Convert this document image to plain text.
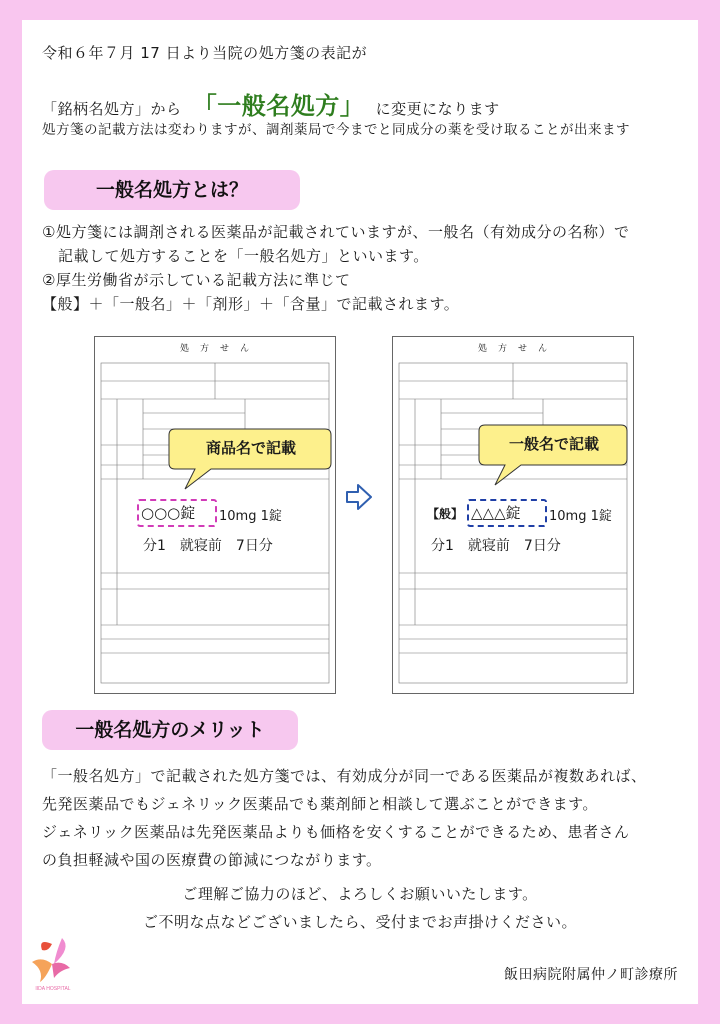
令和６年７月 17 日より当院の処方箋の表記が
「銘柄名処方」から 「一般名処方」 に変更になります
処方箋の記載方法は変わりますが、調剤薬局で今までと同成分の薬を受け取ることが出来ます
一般名処方とは？
①処方箋には調剤される医薬品が記載されていますが、一般名（有効成分の名称）で
記載して処方することを「一般名処方」といいます。
②厚生労働省が示している記載方法に準じて
【般】＋「一般名」＋「剤形」＋「含量」で記載されます。
処　方　せ　ん
商品名で記載
○○○錠 10mg 1錠
分1　就寝前　7日分
処　方　せ　ん
一般名で記載
【般】 △△△錠 10mg 1錠
分1　就寝前　7日分
一般名処方のメリット
「一般名処方」で記載された処方箋では、有効成分が同一である医薬品が複数あれば、
先発医薬品でもジェネリック医薬品でも薬剤師と相談して選ぶことができます。
ジェネリック医薬品は先発医薬品よりも価格を安くすることができるため、患者さん
の負担軽減や国の医療費の節減につながります。
ご理解ご協力のほど、よろしくお願いいたします。
ご不明な点などございましたら、受付までお声掛けください。
IIDA HOSPITAL
飯田病院附属仲ノ町診療所
